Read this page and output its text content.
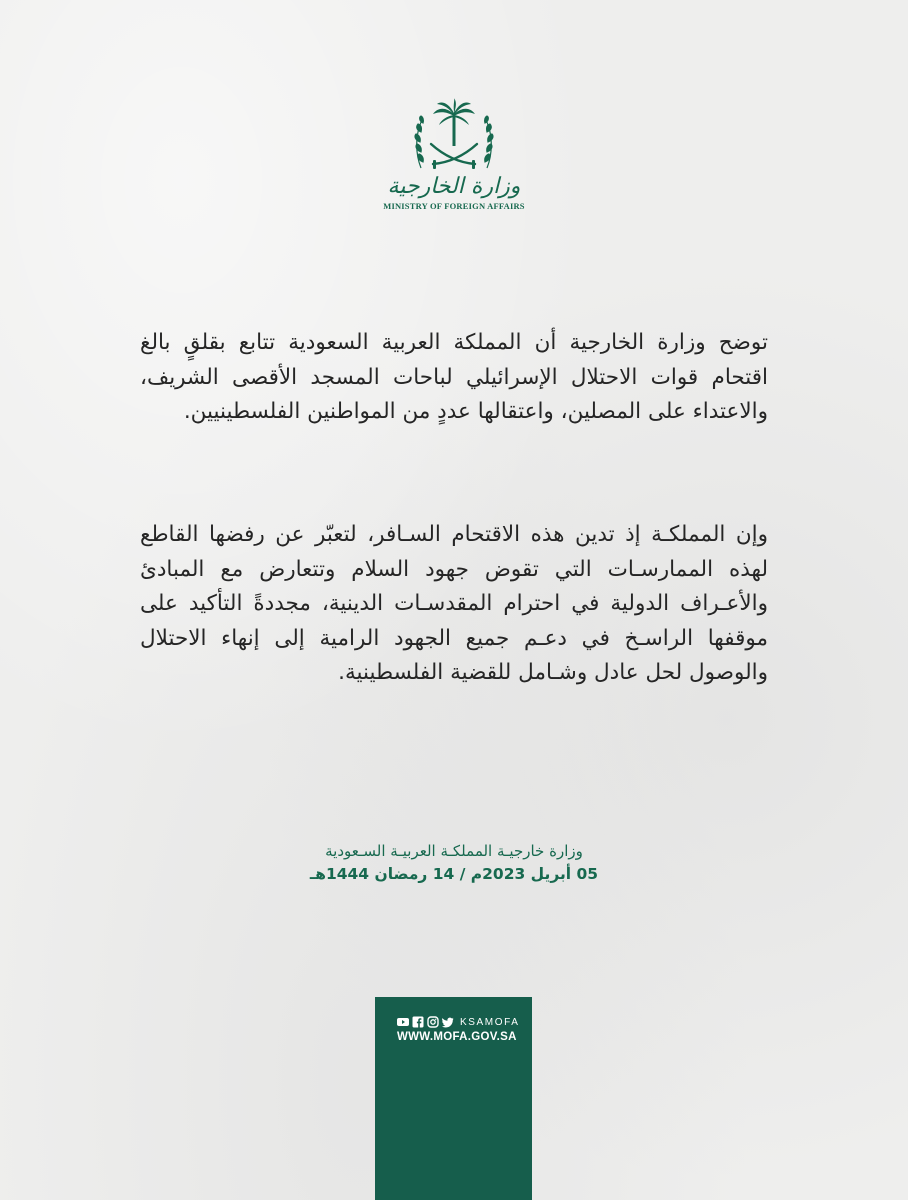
وزارة الخارجية
MINISTRY OF FOREIGN AFFAIRS

توضح وزارة الخارجية أن المملكة العربية السعودية تتابع بقلقٍ بالغ اقتحام قوات الاحتلال الإسرائيلي لباحات المسجد الأقصى الشريف، والاعتداء على المصلين، واعتقالها عددٍ من المواطنين الفلسطينيين.

وإن المملكـة إذ تدين هذه الاقتحام السـافر، لتعبّر عن رفضها القاطع لهذه الممارسـات التي تقوض جهود السلام وتتعارض مع المبادئ والأعـراف الدولية في احترام المقدسـات الدينية، مجددةً التأكيد على موقفها الراسـخ في دعـم جميع الجهود الرامية إلى إنهاء الاحتلال والوصول لحل عادل وشـامل للقضية الفلسطينية.

وزارة خارجيـة المملكـة العربيـة السـعودية
05 أبريل 2023م / 14 رمضان 1444هـ
KSAMOFA
WWW.MOFA.GOV.SA
